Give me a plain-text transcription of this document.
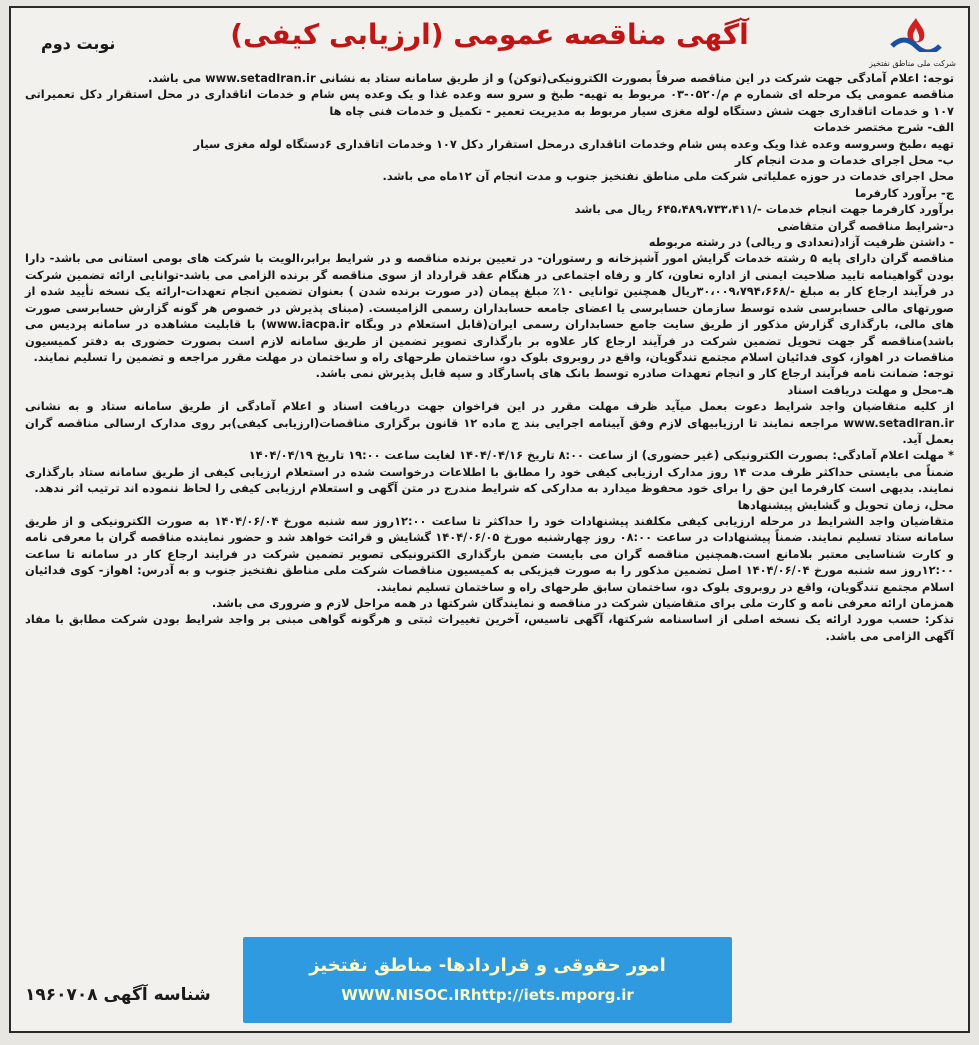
شرکت ملی مناطق نفتخیز
آگهی مناقصه عمومی (ارزیابی کیفی)
نوبت دوم

توجه: اعلام آمادگی جهت شرکت در این مناقصه صرفاً بصورت الکترونیکی(توکن) و از طریق سامانه ستاد به نشانی www.setadIran.ir می باشد.

مناقصه عمومی یک مرحله ای شماره م م/۰۵۲۰-۰۳ مربوط به تهیه- طبخ و سرو سه وعده غذا و یک وعده پس شام و خدمات اتاقداری در محل استقرار دکل تعمیراتی ۱۰۷ و خدمات اتاقداری جهت شش دستگاه لوله مغزی سیار مربوط به مدیریت تعمیر - تکمیل و خدمات فنی چاه ها

الف- شرح مختصر خدمات

تهیه ،طبخ وسروسه وعده غذا ویک وعده پس شام وخدمات اتاقداری درمحل استقرار دکل ۱۰۷ وخدمات اتاقداری ۶دستگاه لوله مغزی سیار

ب- محل اجرای خدمات و مدت انجام کار

محل اجرای خدمات در حوزه عملیاتی شرکت ملی مناطق نفتخیز جنوب و مدت انجام آن ۱۲ماه می باشد.

ج- برآورد کارفرما

برآورد کارفرما جهت انجام خدمات -/۶۴۵،۴۸۹،۷۳۳،۴۱۱ ریال می باشد

د-شرایط مناقصه گران متقاضی

- داشتن ظرفیت آزاد(تعدادی و ریالی) در رشته مربوطه

مناقصه گران دارای پایه ۵ رشته خدمات گرایش امور آشپزخانه و رستوران- در تعیین برنده مناقصه و در شرایط برابر،الویت با شرکت های بومی استانی می باشد- دارا بودن گواهینامه تایید صلاحیت ایمنی از اداره تعاون، کار و رفاه اجتماعی در هنگام عقد قرارداد از سوی مناقصه گر برنده الزامی می باشد-توانایی ارائه تضمین شرکت در فرآیند ارجاع کار به مبلغ -/۳۰،۰۰۹،۷۹۴،۶۶۸ریال همچنین توانایی ۱۰٪ مبلغ پیمان (در صورت برنده شدن ) بعنوان تضمین انجام تعهدات-ارائه یک نسخه تأیید شده از صورتهای مالی حسابرسی شده توسط سازمان حسابرسی یا اعضای جامعه حسابداران رسمی الزامیست. (مبنای پذیرش در خصوص هر گونه گزارش حسابرسی صورت های مالی، بارگذاری گزارش مذکور از طریق سایت جامع حسابداران رسمی ایران(قابل استعلام در وبگاه www.iacpa.ir) با قابلیت مشاهده در سامانه پردیس می باشد)مناقصه گر جهت تحویل تضمین شرکت در فرآیند ارجاع کار علاوه بر بارگذاری تصویر تضمین از طریق سامانه لازم است بصورت حضوری به دفتر کمیسیون مناقصات در اهواز، کوی فدائیان اسلام مجتمع تندگویان، واقع در روبروی بلوک دو، ساختمان طرحهای راه و ساختمان در مهلت مقرر مراجعه و تضمین را تسلیم نمایند.

توجه: ضمانت نامه فرآیند ارجاع کار و انجام تعهدات صادره توسط بانک های پاسارگاد و سپه قابل پذیرش نمی باشد.

هـ-محل و مهلت دریافت اسناد

از کلیه متقاضیان واجد شرایط دعوت بعمل میآید ظرف مهلت مقرر در این فراخوان جهت دریافت اسناد و اعلام آمادگی از طریق سامانه ستاد و به نشانی www.setadIran.ir مراجعه نمایند تا ارزیابیهای لازم وفق آیینامه اجرایی بند ج ماده ۱۲ قانون برگزاری مناقصات(ارزیابی کیفی)بر روی مدارک ارسالی مناقصه گران بعمل آید.

* مهلت اعلام آمادگی: بصورت الکترونیکی (غیر حضوری) از ساعت ۸:۰۰ تاریخ ۱۴۰۴/۰۴/۱۶ لغایت ساعت ۱۹:۰۰ تاریخ ۱۴۰۴/۰۴/۱۹

ضمناً می بایستی حداکثر ظرف مدت ۱۴ روز مدارک ارزیابی کیفی خود را مطابق با اطلاعات درخواست شده در استعلام ارزیابی کیفی از طریق سامانه ستاد بارگذاری نمایند. بدیهی است کارفرما این حق را برای خود محفوظ میدارد به مدارکی که شرایط مندرج در متن آگهی و استعلام ارزیابی کیفی را لحاظ ننموده اند ترتیب اثر ندهد.

محل، زمان تحویل و گشایش پیشنهادها

متقاضیان واجد الشرایط در مرحله ارزیابی کیفی مکلفند پیشنهادات خود را حداکثر تا ساعت ۱۲:۰۰روز سه شنبه مورخ ۱۴۰۴/۰۶/۰۴ به صورت الکترونیکی و از طریق سامانه ستاد تسلیم نمایند. ضمناً پیشنهادات در ساعت ۰۸:۰۰ روز چهارشنبه مورخ ۱۴۰۴/۰۶/۰۵ گشایش و قرائت خواهد شد و حضور نماینده مناقصه گران با معرفی نامه و کارت شناسایی معتبر بلامانع است.همچنین مناقصه گران می بایست ضمن بارگذاری الکترونیکی تصویر تضمین شرکت در فرایند ارجاع کار در سامانه تا ساعت ۱۲:۰۰روز سه شنبه مورخ ۱۴۰۴/۰۶/۰۴ اصل تضمین مذکور را به صورت فیزیکی به کمیسیون مناقصات شرکت ملی مناطق نفتخیز جنوب و به آدرس: اهواز- کوی فدائیان اسلام مجتمع تندگویان، واقع در روبروی بلوک دو، ساختمان سابق طرحهای راه و ساختمان تسلیم نمایند.

همزمان ارائه معرفی نامه و کارت ملی برای متقاضیان شرکت در مناقصه و نمایندگان شرکتها در همه مراحل لازم و ضروری می باشد.

تذکر: حسب مورد ارائه یک نسخه اصلی از اساسنامه شرکتها، آگهی تاسیس، آخرین تغییرات ثبتی و هرگونه گواهی مبنی بر واجد شرایط بودن شرکت مطابق با مفاد آگهی الزامی می باشد.

امور حقوقی و قراردادها- مناطق نفتخیز
WWW.NISOC.IRhttp://iets.mporg.ir
شناسه آگهی ۱۹۶۰۷۰۸
